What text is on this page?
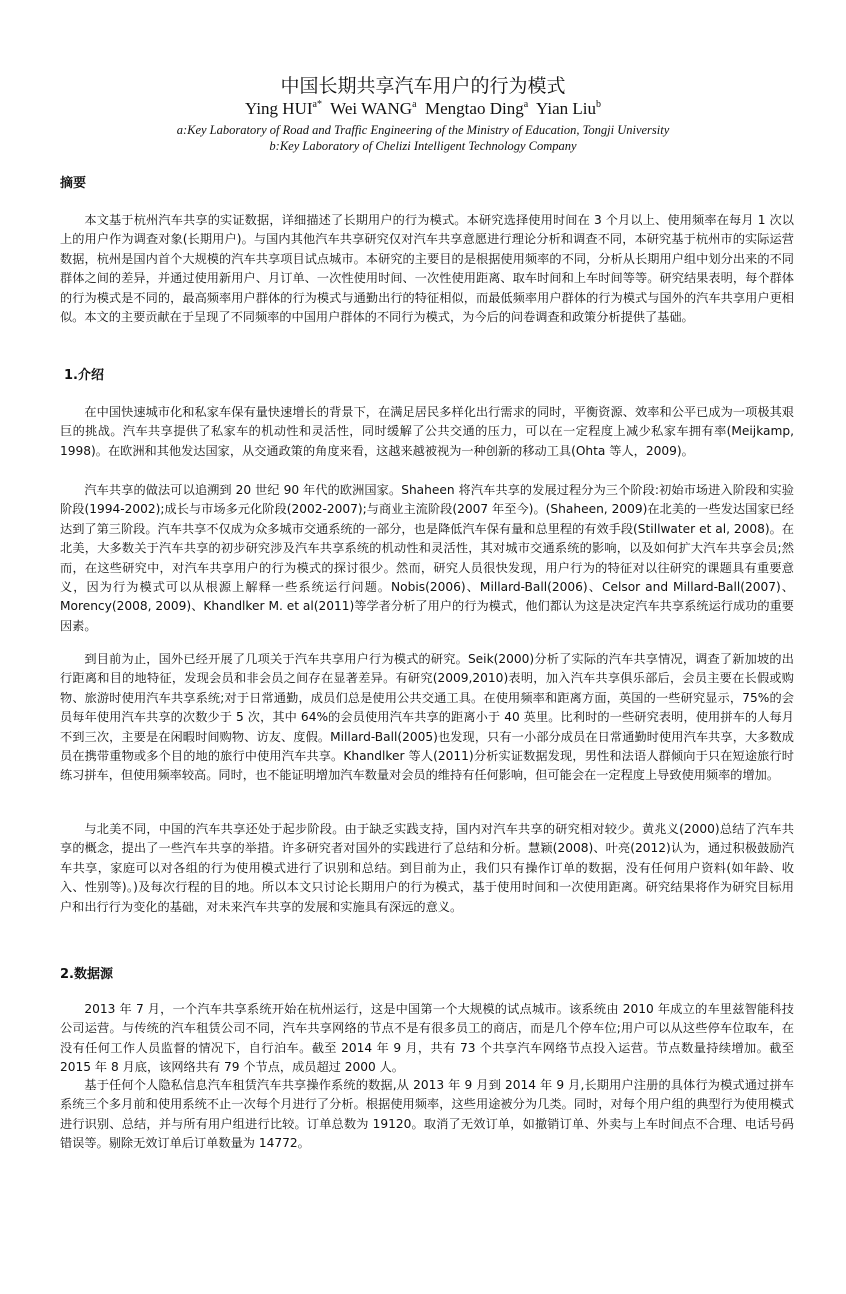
中国长期共享汽车用户的行为模式
Ying $HUI^{a*}$ Wei WANG$^a$ Mengtao Ding$^a$ Yian Liu$^b$
a:Key Laboratory of Road and Traffic Engineering of the Ministry of Education, Tongji University
b:Key Laboratory of Chelizi Intelligent Technology Company
摘要

本文基于杭州汽车共享的实证数据，详细描述了长期用户的行为模式。本研究选择使用时间在 3 个月以上、使用频率在每月 1 次以上的用户作为调查对象(长期用户)。与国内其他汽车共享研究仅对汽车共享意愿进行理论分析和调查不同，本研究基于杭州市的实际运营数据，杭州是国内首个大规模的汽车共享项目试点城市。本研究的主要目的是根据使用频率的不同，分析从长期用户组中划分出来的不同群体之间的差异，并通过使用新用户、月订单、一次性使用时间、一次性使用距离、取车时间和上车时间等等。研究结果表明，每个群体的行为模式是不同的，最高频率用户群体的行为模式与通勤出行的特征相似，而最低频率用户群体的行为模式与国外的汽车共享用户更相似。本文的主要贡献在于呈现了不同频率的中国用户群体的不同行为模式，为今后的问卷调查和政策分析提供了基础。

1.介绍

在中国快速城市化和私家车保有量快速增长的背景下，在满足居民多样化出行需求的同时，平衡资源、效率和公平已成为一项极其艰巨的挑战。汽车共享提供了私家车的机动性和灵活性，同时缓解了公共交通的压力，可以在一定程度上减少私家车拥有率(Meijkamp, 1998)。在欧洲和其他发达国家，从交通政策的角度来看，这越来越被视为一种创新的移动工具(Ohta 等人，2009)。

汽车共享的做法可以追溯到 20 世纪 90 年代的欧洲国家。Shaheen 将汽车共享的发展过程分为三个阶段:初始市场进入阶段和实验阶段(1994-2002);成长与市场多元化阶段(2002-2007);与商业主流阶段(2007 年至今)。(Shaheen, 2009)在北美的一些发达国家已经达到了第三阶段。汽车共享不仅成为众多城市交通系统的一部分，也是降低汽车保有量和总里程的有效手段(Stillwater et al, 2008)。在北美，大多数关于汽车共享的初步研究涉及汽车共享系统的机动性和灵活性，其对城市交通系统的影响，以及如何扩大汽车共享会员;然而，在这些研究中，对汽车共享用户的行为模式的探讨很少。然而，研究人员很快发现，用户行为的特征对以往研究的课题具有重要意义，因为行为模式可以从根源上解释一些系统运行问题。Nobis(2006)、Millard-Ball(2006)、Celsor and Millard-Ball(2007)、Morency(2008, 2009)、Khandlker M. et al(2011)等学者分析了用户的行为模式，他们都认为这是决定汽车共享系统运行成功的重要因素。

到目前为止，国外已经开展了几项关于汽车共享用户行为模式的研究。Seik(2000)分析了实际的汽车共享情况，调查了新加坡的出行距离和目的地特征，发现会员和非会员之间存在显著差异。有研究(2009,2010)表明，加入汽车共享俱乐部后，会员主要在长假或购物、旅游时使用汽车共享系统;对于日常通勤，成员们总是使用公共交通工具。在使用频率和距离方面，英国的一些研究显示，75%的会员每年使用汽车共享的次数少于 5 次，其中 64%的会员使用汽车共享的距离小于 40 英里。比利时的一些研究表明，使用拼车的人每月不到三次，主要是在闲暇时间购物、访友、度假。Millard-Ball(2005)也发现，只有一小部分成员在日常通勤时使用汽车共享，大多数成员在携带重物或多个目的地的旅行中使用汽车共享。Khandlker 等人(2011)分析实证数据发现，男性和法语人群倾向于只在短途旅行时练习拼车，但使用频率较高。同时，也不能证明增加汽车数量对会员的维持有任何影响，但可能会在一定程度上导致使用频率的增加。

与北美不同，中国的汽车共享还处于起步阶段。由于缺乏实践支持，国内对汽车共享的研究相对较少。黄兆义(2000)总结了汽车共享的概念，提出了一些汽车共享的举措。许多研究者对国外的实践进行了总结和分析。慧颖(2008)、叶亮(2012)认为，通过积极鼓励汽车共享，家庭可以对各组的行为使用模式进行了识别和总结。到目前为止，我们只有操作订单的数据，没有任何用户资料(如年龄、收入、性别等)。)及每次行程的目的地。所以本文只讨论长期用户的行为模式，基于使用时间和一次使用距离。研究结果将作为研究目标用户和出行行为变化的基础，对未来汽车共享的发展和实施具有深远的意义。

2.数据源

2013 年 7 月，一个汽车共享系统开始在杭州运行，这是中国第一个大规模的试点城市。该系统由 2010 年成立的车里兹智能科技公司运营。与传统的汽车租赁公司不同，汽车共享网络的节点不是有很多员工的商店，而是几个停车位;用户可以从这些停车位取车，在没有任何工作人员监督的情况下，自行泊车。截至 2014 年 9 月，共有 73 个共享汽车网络节点投入运营。节点数量持续增加。截至 2015 年 8 月底，该网络共有 79 个节点，成员超过 2000 人。

基于任何个人隐私信息汽车租赁汽车共享操作系统的数据,从 2013 年 9 月到 2014 年 9 月,长期用户注册的具体行为模式通过拼车系统三个多月前和使用系统不止一次每个月进行了分析。根据使用频率，这些用途被分为几类。同时，对每个用户组的典型行为使用模式进行识别、总结，并与所有用户组进行比较。订单总数为 19120。取消了无效订单，如撤销订单、外卖与上车时间点不合理、电话号码错误等。剔除无效订单后订单数量为 14772。
